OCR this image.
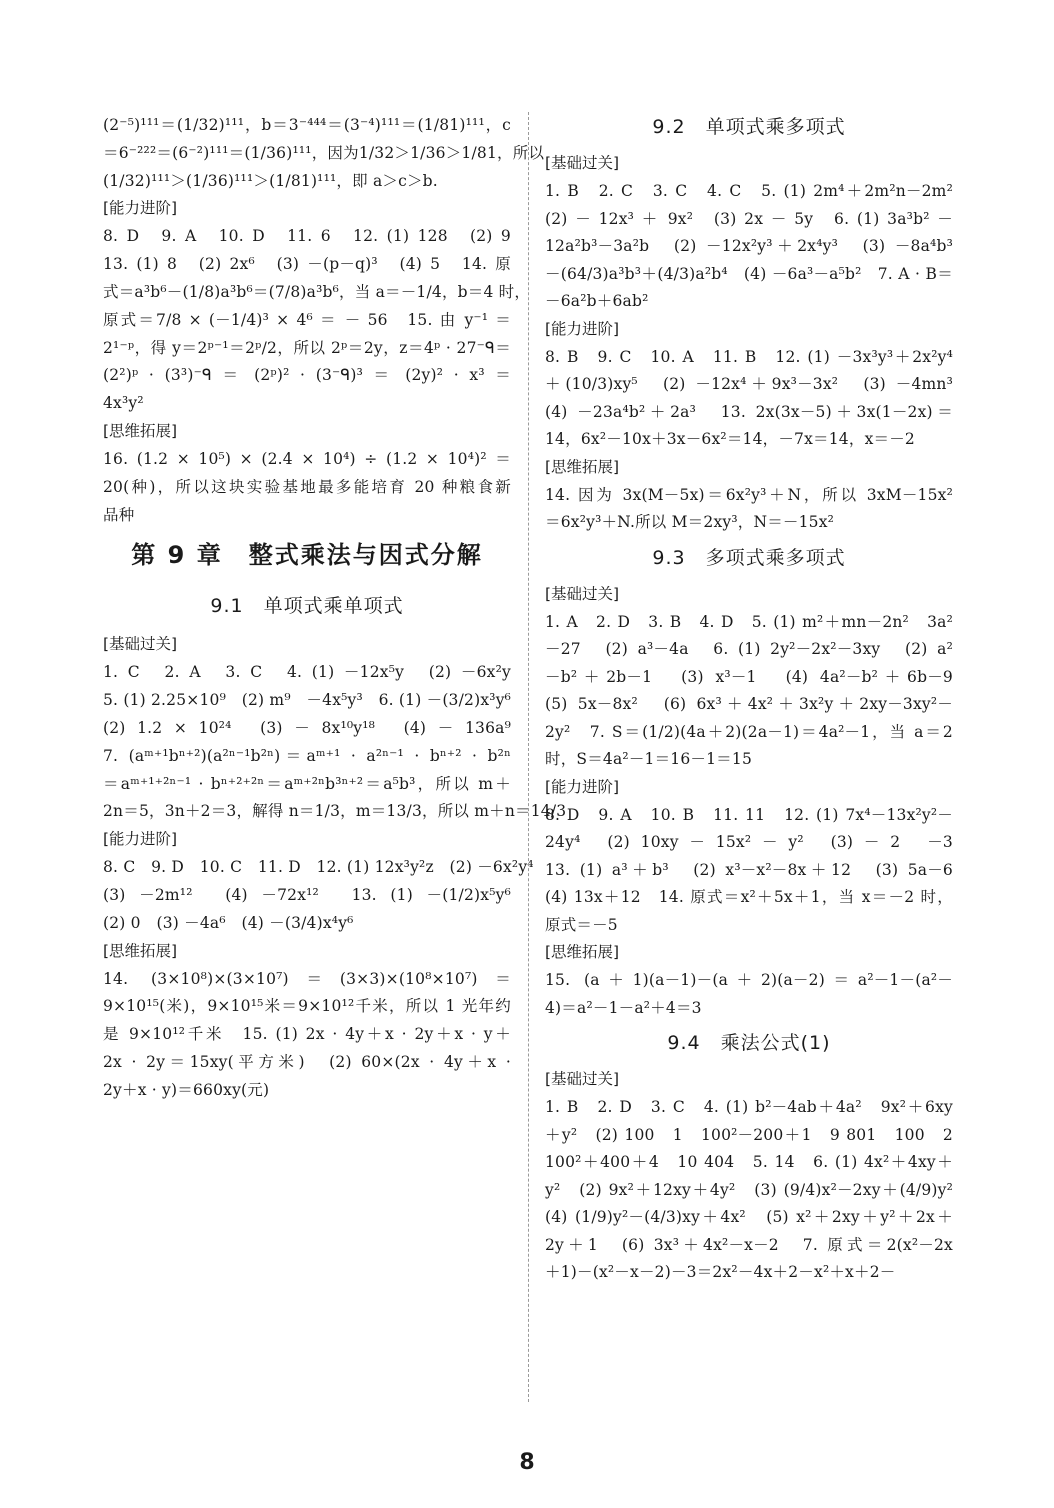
(2⁻⁵)¹¹¹＝(1/32)¹¹¹，b＝3⁻⁴⁴⁴＝(3⁻⁴)¹¹¹＝(1/81)¹¹¹，c
＝6⁻²²²＝(6⁻²)¹¹¹＝(1/36)¹¹¹，因为1/32＞1/36＞1/81，所以
(1/32)¹¹¹＞(1/36)¹¹¹＞(1/81)¹¹¹，即 a＞c＞b.
[能力进阶]
8. D　9. A　10. D　11. 6　12. (1) 128　(2) 9
13. (1) 8　(2) 2x⁶　(3) －(p－q)³　(4) 5　14. 原
式＝a³b⁶－(1/8)a³b⁶＝(7/8)a³b⁶，当 a＝－1/4，b＝4 时，
原式＝7/8 × (－1/4)³ × 4⁶ ＝ － 56　15. 由 y⁻¹ ＝
2¹⁻ᵖ，得 y＝2ᵖ⁻¹＝2ᵖ/2，所以 2ᵖ＝2y，z＝4ᵖ · 27⁻ᑫ＝
(2²)ᵖ · (3³)⁻ᑫ ＝ (2ᵖ)² · (3⁻ᑫ)³ ＝ (2y)² · x³ ＝
4x³y²
[思维拓展]
16. (1.2 × 10⁵) × (2.4 × 10⁴) ÷ (1.2 × 10⁴)² ＝
20(种)，所以这块实验基地最多能培育 20 种粮食新
品种
第 9 章　整式乘法与因式分解
9.1　单项式乘单项式
[基础过关]
1. C　2. A　3. C　4. (1) －12x⁵y　(2) －6x²y
5. (1) 2.25×10⁹　(2) m⁹　－4x⁵y³　6. (1) －(3/2)x³y⁶
(2) 1.2 × 10²⁴　(3) － 8x¹⁰y¹⁸　(4) － 136a⁹
7. (aᵐ⁺¹bⁿ⁺²)(a²ⁿ⁻¹b²ⁿ)＝aᵐ⁺¹ · a²ⁿ⁻¹ · bⁿ⁺² · b²ⁿ
＝aᵐ⁺¹⁺²ⁿ⁻¹ · bⁿ⁺²⁺²ⁿ＝aᵐ⁺²ⁿb³ⁿ⁺²＝a⁵b³，所以 m＋
2n＝5，3n＋2＝3，解得 n＝1/3，m＝13/3，所以 m＋n＝14/3
[能力进阶]
8. C　9. D　10. C　11. D　12. (1) 12x³y²z　(2) －6x²y⁴
(3) －2m¹²　(4) －72x¹²　13. (1) －(1/2)x⁵y⁶
(2) 0　(3) －4a⁶　(4) －(3/4)x⁴y⁶
[思维拓展]
14. (3×10⁸)×(3×10⁷)＝(3×3)×(10⁸×10⁷)＝
9×10¹⁵(米)，9×10¹⁵米＝9×10¹²千米，所以 1 光年约
是 9×10¹²千米　15. (1) 2x · 4y＋x · 2y＋x · y＋
2x · 2y＝15xy(平方米)　(2) 60×(2x · 4y＋x ·
2y＋x · y)＝660xy(元)
9.2　单项式乘多项式
[基础过关]
1. B　2. C　3. C　4. C　5. (1) 2m⁴＋2m²n－2m²
(2) － 12x³ ＋ 9x²　(3) 2x － 5y　6. (1) 3a³b² －
12a²b³－3a²b　(2) －12x²y³＋2x⁴y³　(3) －8a⁴b³
－(64/3)a³b³＋(4/3)a²b⁴　(4) －6a³－a⁵b²　7. A · B＝
－6a²b＋6ab²
[能力进阶]
8. B　9. C　10. A　11. B　12. (1) －3x³y³＋2x²y⁴
＋(10/3)xy⁵　(2) －12x⁴＋9x³－3x²　(3) －4mn³
(4) －23a⁴b²＋2a³　13. 2x(3x－5)＋3x(1－2x)＝
14，6x²－10x＋3x－6x²＝14，－7x＝14，x＝－2
[思维拓展]
14. 因为 3x(M－5x)＝6x²y³＋N，所以 3xM－15x²
＝6x²y³＋N.所以 M＝2xy³，N＝－15x²
9.3　多项式乘多项式
[基础过关]
1. A　2. D　3. B　4. D　5. (1) m²＋mn－2n²　3a²
－27　(2) a³－4a　6. (1) 2y²－2x²－3xy　(2) a²
－b²＋2b－1　(3) x³－1　(4) 4a²－b²＋6b－9
(5) 5x－8x²　(6) 6x³＋4x²＋3x²y＋2xy－3xy²－
2y²　7. S＝(1/2)(4a＋2)(2a－1)＝4a²－1，当 a＝2
时，S＝4a²－1＝16－1＝15
[能力进阶]
8. D　9. A　10. B　11. 11　12. (1) 7x⁴－13x²y²－
24y⁴　(2) 10xy － 15x² － y²　(3) － 2　－3
13. (1) a³＋b³　(2) x³－x²－8x＋12　(3) 5a－6
(4) 13x＋12　14. 原式＝x²＋5x＋1，当 x＝－2 时，
原式＝－5
[思维拓展]
15. (a＋1)(a－1)－(a＋2)(a－2)＝a²－1－(a²－
4)＝a²－1－a²＋4＝3
9.4　乘法公式(1)
[基础过关]
1. B　2. D　3. C　4. (1) b²－4ab＋4a²　9x²＋6xy
＋y²　(2) 100　1　100²－200＋1　9 801　100　2
100²＋400＋4　10 404　5. 14　6. (1) 4x²＋4xy＋
y²　(2) 9x²＋12xy＋4y²　(3) (9/4)x²－2xy＋(4/9)y²
(4) (1/9)y²－(4/3)xy＋4x²　(5) x²＋2xy＋y²＋2x＋
2y＋1　(6) 3x³＋4x²－x－2　7. 原式＝2(x²－2x
＋1)－(x²－x－2)－3＝2x²－4x＋2－x²＋x＋2－
8
